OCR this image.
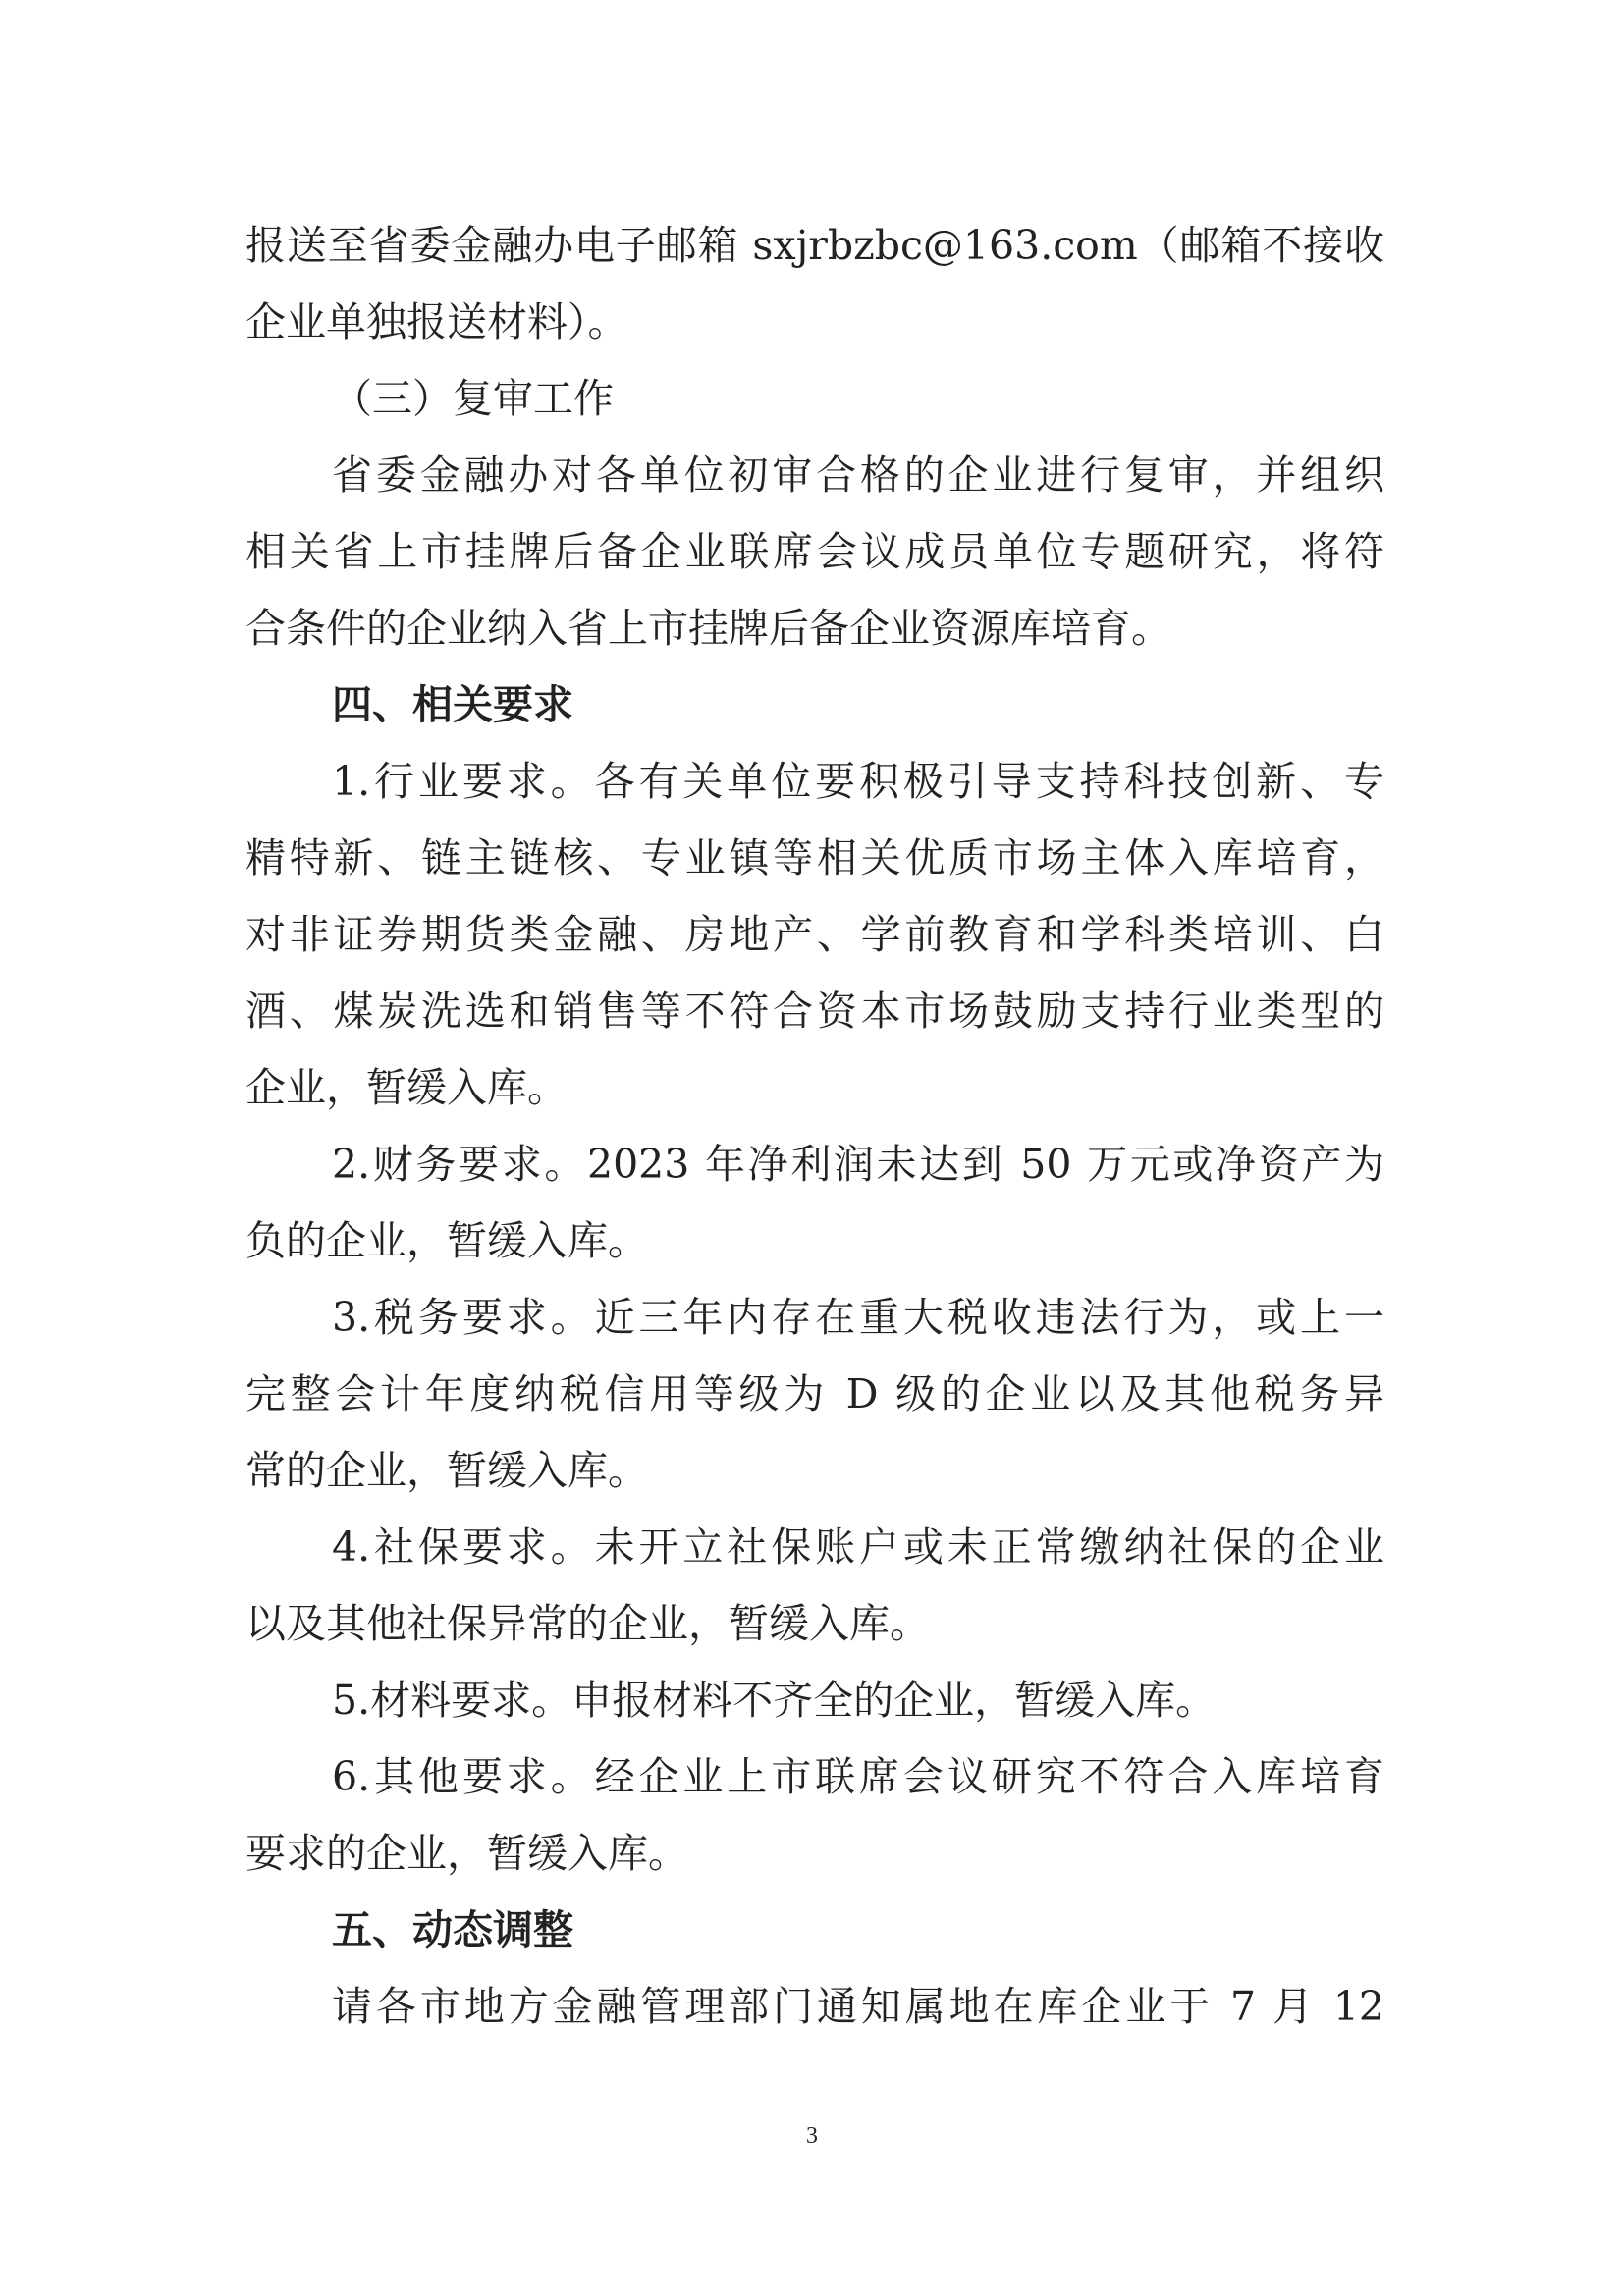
报送至省委金融办电子邮箱 sxjrbzbc@163.com（邮箱不接收
企业单独报送材料）。
（三）复审工作
省委金融办对各单位初审合格的企业进行复审，并组织
相关省上市挂牌后备企业联席会议成员单位专题研究，将符
合条件的企业纳入省上市挂牌后备企业资源库培育。
四、相关要求
1.行业要求。各有关单位要积极引导支持科技创新、专
精特新、链主链核、专业镇等相关优质市场主体入库培育，
对非证券期货类金融、房地产、学前教育和学科类培训、白
酒、煤炭洗选和销售等不符合资本市场鼓励支持行业类型的
企业，暂缓入库。
2.财务要求。2023 年净利润未达到 50 万元或净资产为
负的企业，暂缓入库。
3.税务要求。近三年内存在重大税收违法行为，或上一
完整会计年度纳税信用等级为 D 级的企业以及其他税务异
常的企业，暂缓入库。
4.社保要求。未开立社保账户或未正常缴纳社保的企业
以及其他社保异常的企业，暂缓入库。
5.材料要求。申报材料不齐全的企业，暂缓入库。
6.其他要求。经企业上市联席会议研究不符合入库培育
要求的企业，暂缓入库。
五、动态调整
请各市地方金融管理部门通知属地在库企业于 7 月 12
3
